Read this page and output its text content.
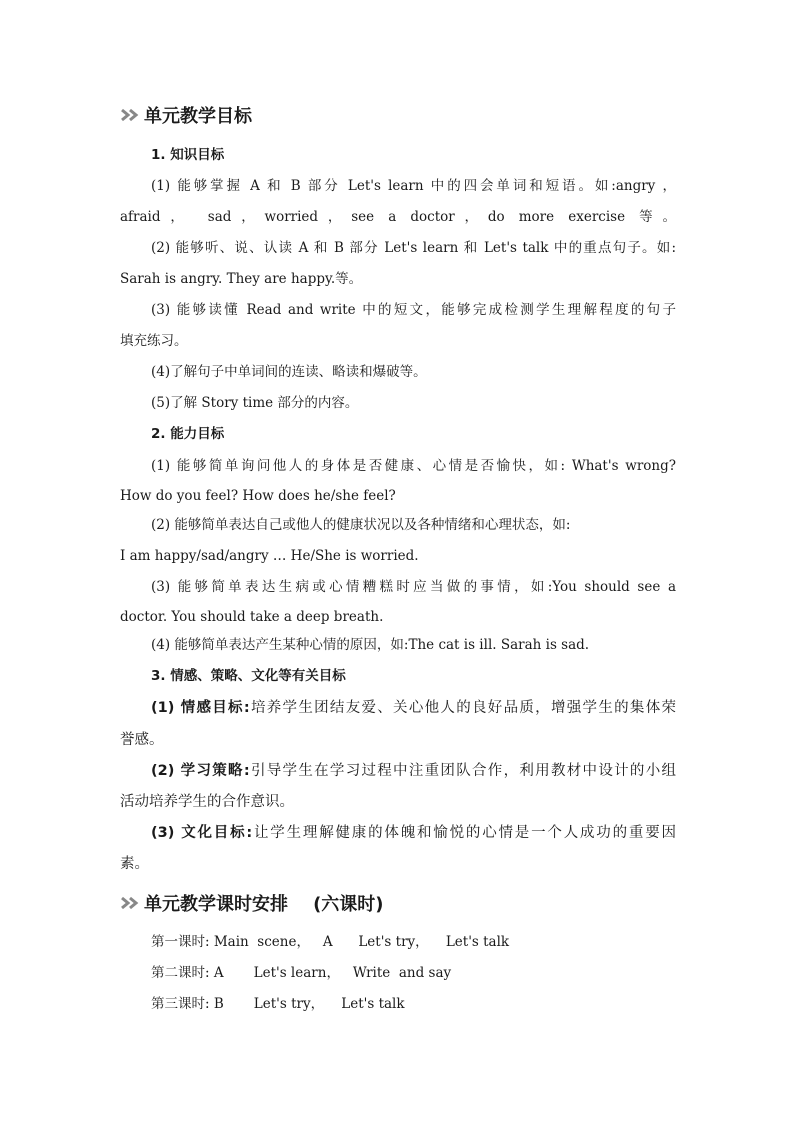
单元教学目标
1. 知识目标
(1) 能够掌握 A 和 B 部分 Let's learn 中的四会单词和短语。如:angry ，
afraid， sad，worried，see a doctor，do more exercise 等。
(2) 能够听、说、认读 A 和 B 部分 Let's learn 和 Let's talk 中的重点句子。如:
Sarah is angry. They are happy.等。
(3) 能够读懂 Read and write 中的短文，能够完成检测学生理解程度的句子
填充练习。
(4)了解句子中单词间的连读、略读和爆破等。
(5)了解 Story time 部分的内容。
2. 能力目标
(1) 能够简单询问他人的身体是否健康、心情是否愉快，如: What's wrong?
How do you feel? How does he/she feel?
(2) 能够简单表达自己或他人的健康状况以及各种情绪和心理状态，如:
I am happy/sad/angry … He/She is worried.
(3) 能够简单表达生病或心情糟糕时应当做的事情，如:You should see a
doctor. You should take a deep breath.
(4) 能够简单表达产生某种心情的原因，如:The cat is ill. Sarah is sad.
3. 情感、策略、文化等有关目标
(1) 情感目标:培养学生团结友爱、关心他人的良好品质，增强学生的集体荣
誉感。
(2) 学习策略:引导学生在学习过程中注重团队合作，利用教材中设计的小组
活动培养学生的合作意识。
(3) 文化目标:让学生理解健康的体魄和愉悦的心情是一个人成功的重要因
素。
单元教学课时安排    (六课时)
第一课时: Main  scene，   A      Let's try，    Let's talk
第二课时: A       Let's learn，   Write  and say
第三课时: B       Let's try，    Let's talk
